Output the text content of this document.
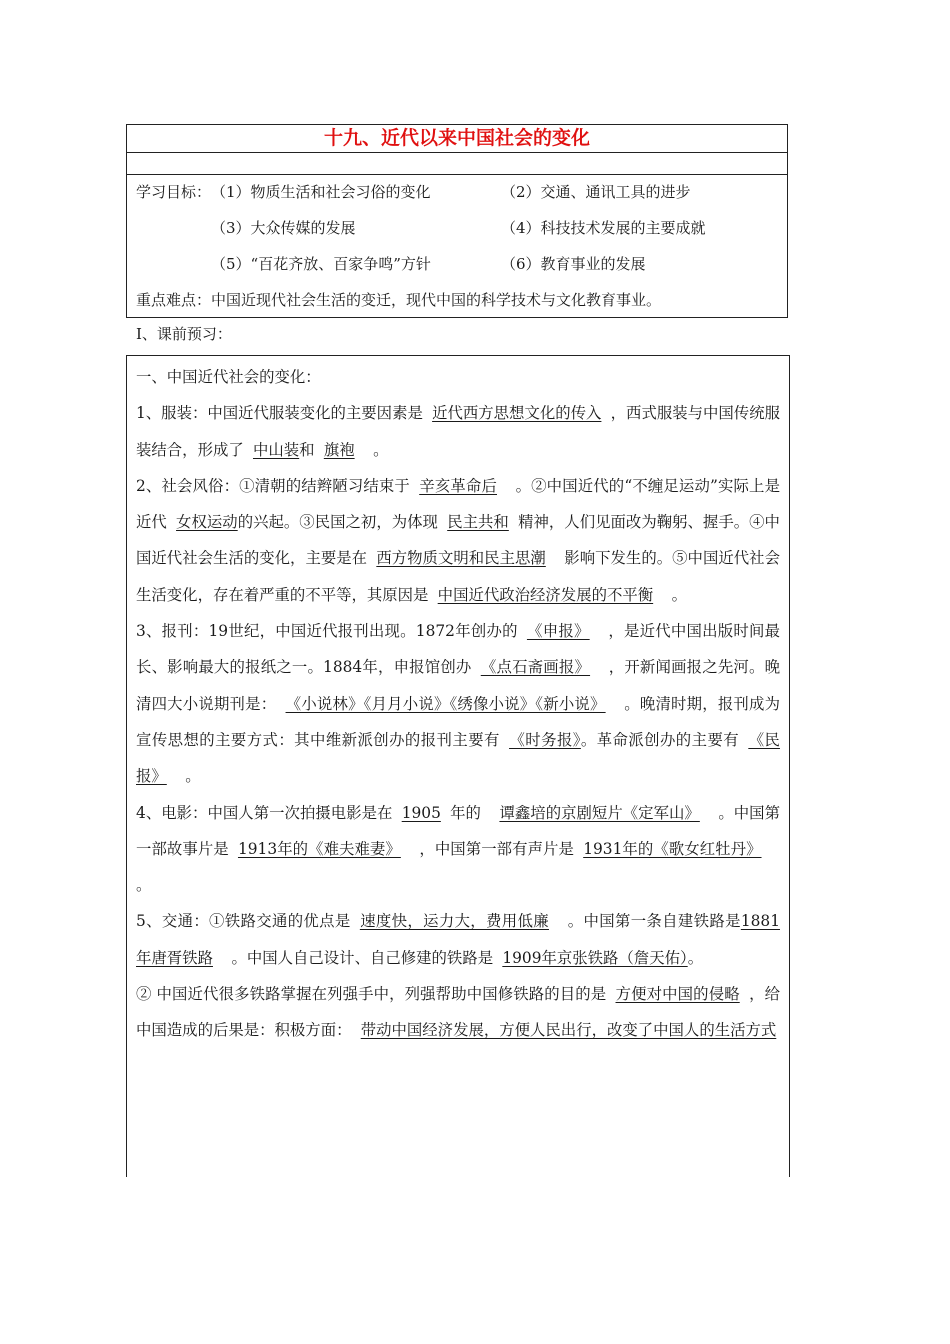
十九、近代以来中国社会的变化
学习目标： （1）物质生活和社会习俗的变化	（2）交通、通讯工具的进步
（3）大众传媒的发展	（4）科技技术发展的主要成就
（5）“百花齐放、百家争鸣”方针	（6）教育事业的发展
重点难点：中国近现代社会生活的变迁，现代中国的科学技术与文化教育事业。
Ⅰ、课前预习：

一、中国近代社会的变化：

1、服装：中国近代服装变化的主要因素是 近代西方思想文化的传入 ，西式服装与中国传统服装结合，形成了 中山装和 旗袍 。

2、社会风俗：①清朝的结辫陋习结束于 辛亥革命后 。②中国近代的“不缠足运动”实际上是近代 女权运动的兴起。③民国之初，为体现 民主共和 精神，人们见面改为鞠躬、握手。④中国近代社会生活的变化，主要是在 西方物质文明和民主思潮 影响下发生的。⑤中国近代社会生活变化，存在着严重的不平等，其原因是 中国近代政治经济发展的不平衡 。

3、报刊：19世纪，中国近代报刊出现。1872年创办的 《申报》 ，是近代中国出版时间最长、影响最大的报纸之一。1884年，申报馆创办 《点石斋画报》 ，开新闻画报之先河。晚清四大小说期刊是： 《小说林》《月月小说》《绣像小说》《新小说》 。晚清时期，报刊成为宣传思想的主要方式：其中维新派创办的报刊主要有 《时务报》。革命派创办的主要有 《民报》 。

4、电影：中国人第一次拍摄电影是在 1905 年的 谭鑫培的京剧短片《定军山》 。中国第一部故事片是 1913年的《难夫难妻》 ，中国第一部有声片是 1931年的《歌女红牡丹》。

5、交通：①铁路交通的优点是 速度快，运力大，费用低廉 。中国第一条自建铁路是1881年唐胥铁路 。中国人自己设计、自己修建的铁路是 1909年京张铁路（詹天佑）。

② 中国近代很多铁路掌握在列强手中，列强帮助中国修铁路的目的是 方便对中国的侵略 ，给中国造成的后果是：积极方面： 带动中国经济发展，方便人民出行，改变了中国人的生活方式
